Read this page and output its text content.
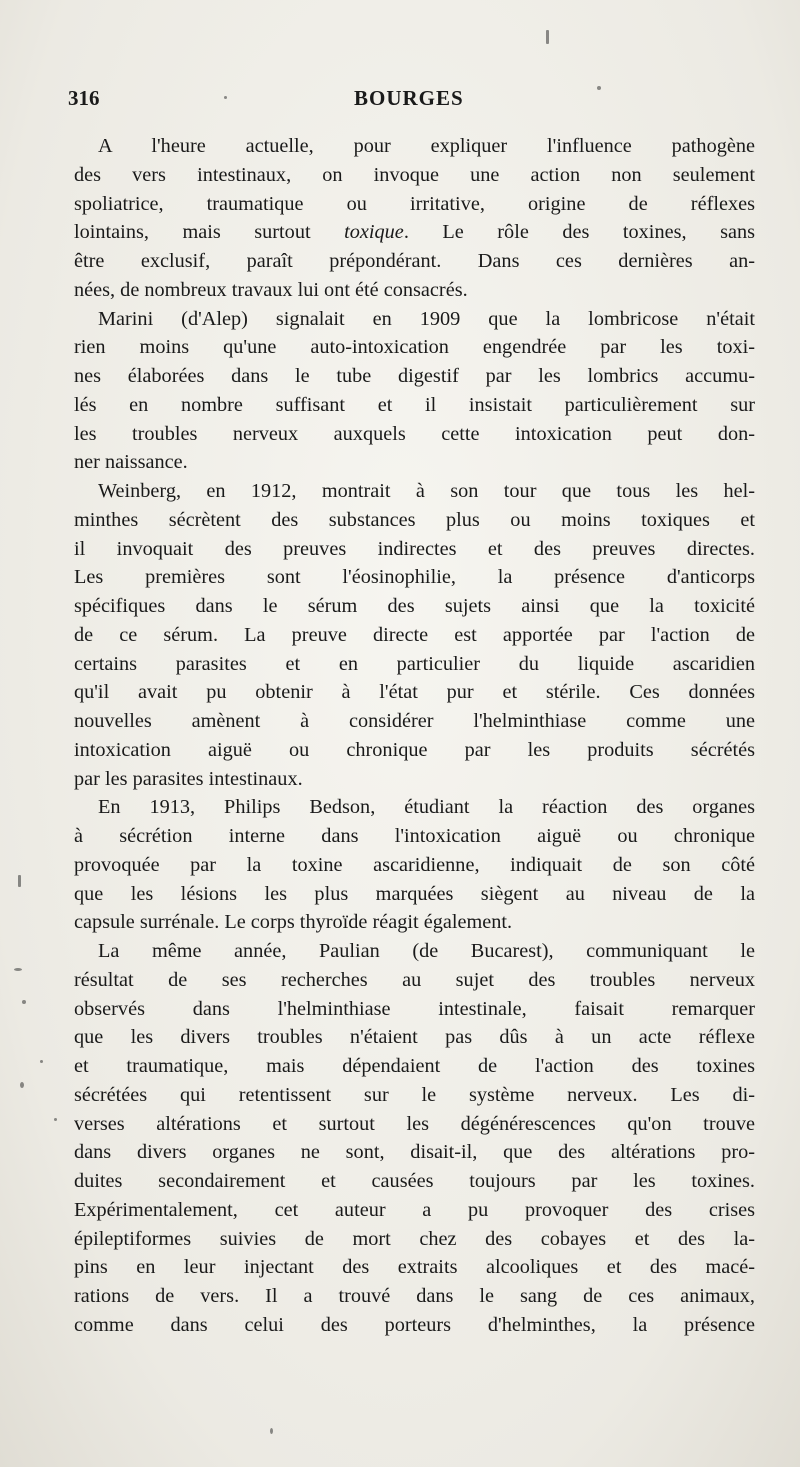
316	BOURGES

A l'heure actuelle, pour expliquer l'influence pathogène
des vers intestinaux, on invoque une action non seulement
spoliatrice, traumatique ou irritative, origine de réflexes
lointains, mais surtout toxique. Le rôle des toxines, sans
être exclusif, paraît prépondérant. Dans ces dernières an-
nées, de nombreux travaux lui ont été consacrés.

Marini (d'Alep) signalait en 1909 que la lombricose n'était
rien moins qu'une auto-intoxication engendrée par les toxi-
nes élaborées dans le tube digestif par les lombrics accumu-
lés en nombre suffisant et il insistait particulièrement sur
les troubles nerveux auxquels cette intoxication peut don-
ner naissance.

Weinberg, en 1912, montrait à son tour que tous les hel-
minthes sécrètent des substances plus ou moins toxiques et
il invoquait des preuves indirectes et des preuves directes.
Les premières sont l'éosinophilie, la présence d'anticorps
spécifiques dans le sérum des sujets ainsi que la toxicité
de ce sérum. La preuve directe est apportée par l'action de
certains parasites et en particulier du liquide ascaridien
qu'il avait pu obtenir à l'état pur et stérile. Ces données
nouvelles amènent à considérer l'helminthiase comme une
intoxication aiguë ou chronique par les produits sécrétés
par les parasites intestinaux.

En 1913, Philips Bedson, étudiant la réaction des organes
à sécrétion interne dans l'intoxication aiguë ou chronique
provoquée par la toxine ascaridienne, indiquait de son côté
que les lésions les plus marquées siègent au niveau de la
capsule surrénale. Le corps thyroïde réagit également.

La même année, Paulian (de Bucarest), communiquant le
résultat de ses recherches au sujet des troubles nerveux
observés dans l'helminthiase intestinale, faisait remarquer
que les divers troubles n'étaient pas dûs à un acte réflexe
et traumatique, mais dépendaient de l'action des toxines
sécrétées qui retentissent sur le système nerveux. Les di-
verses altérations et surtout les dégénérescences qu'on trouve
dans divers organes ne sont, disait-il, que des altérations pro-
duites secondairement et causées toujours par les toxines.
Expérimentalement, cet auteur a pu provoquer des crises
épileptiformes suivies de mort chez des cobayes et des la-
pins en leur injectant des extraits alcooliques et des macé-
rations de vers. Il a trouvé dans le sang de ces animaux,
comme dans celui des porteurs d'helminthes, la présence
